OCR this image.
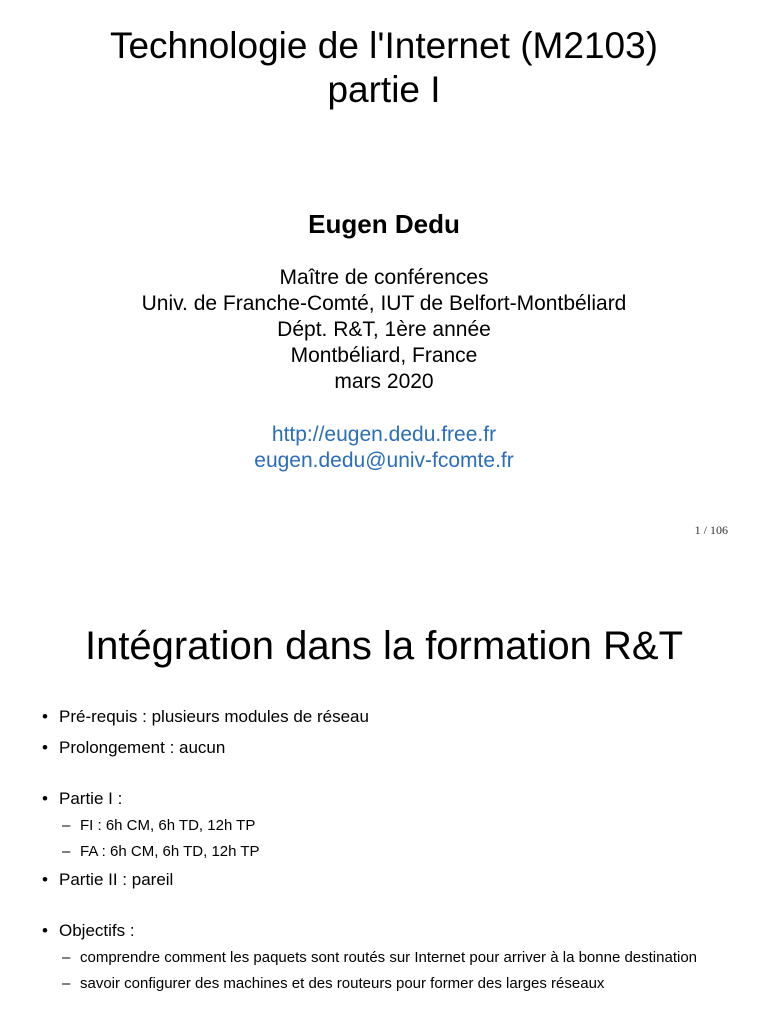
Technologie de l'Internet (M2103)
partie I

Eugen Dedu

Maître de conférences
Univ. de Franche-Comté, IUT de Belfort-Montbéliard
Dépt. R&T, 1ère année
Montbéliard, France
mars 2020
http://eugen.dedu.free.fr
eugen.dedu@univ-fcomte.fr
1 / 106
Intégration dans la formation R&T
• Pré-requis : plusieurs modules de réseau
• Prolongement : aucun
• Partie I :
– FI : 6h CM, 6h TD, 12h TP
– FA : 6h CM, 6h TD, 12h TP
• Partie II : pareil
• Objectifs :
– comprendre comment les paquets sont routés sur Internet pour arriver à la bonne destination
– savoir configurer des machines et des routeurs pour former des larges réseaux
